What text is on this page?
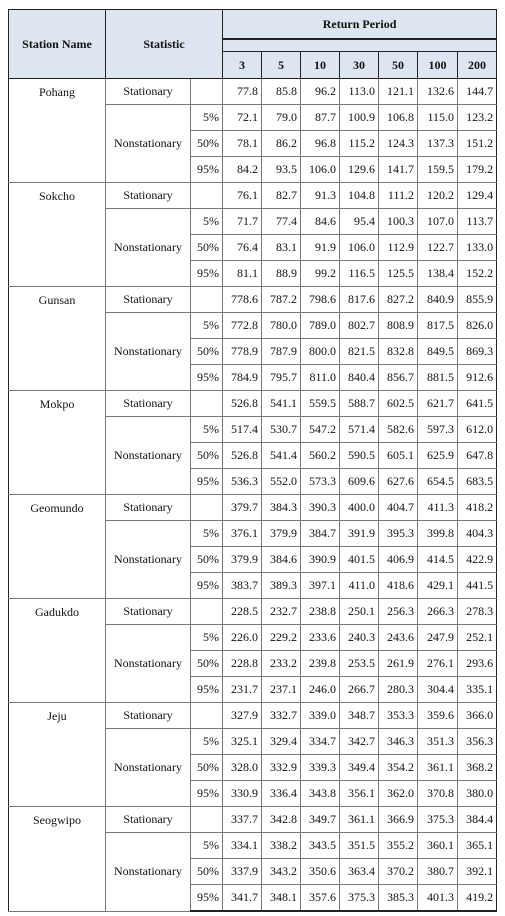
Station Name	Statistic		Return Period						

			3	5	10	30	50	100	200
Pohang	Stationary		77.8	85.8	96.2	113.0	121.1	132.6	144.7
	Nonstationary	5%	72.1	79.0	87.7	100.9	106.8	115.0	123.2
		50%	78.1	86.2	96.8	115.2	124.3	137.3	151.2
		95%	84.2	93.5	106.0	129.6	141.7	159.5	179.2
Sokcho	Stationary		76.1	82.7	91.3	104.8	111.2	120.2	129.4
	Nonstationary	5%	71.7	77.4	84.6	95.4	100.3	107.0	113.7
		50%	76.4	83.1	91.9	106.0	112.9	122.7	133.0
		95%	81.1	88.9	99.2	116.5	125.5	138.4	152.2
Gunsan	Stationary		778.6	787.2	798.6	817.6	827.2	840.9	855.9
	Nonstationary	5%	772.8	780.0	789.0	802.7	808.9	817.5	826.0
		50%	778.9	787.9	800.0	821.5	832.8	849.5	869.3
		95%	784.9	795.7	811.0	840.4	856.7	881.5	912.6
Mokpo	Stationary		526.8	541.1	559.5	588.7	602.5	621.7	641.5
	Nonstationary	5%	517.4	530.7	547.2	571.4	582.6	597.3	612.0
		50%	526.8	541.4	560.2	590.5	605.1	625.9	647.8
		95%	536.3	552.0	573.3	609.6	627.6	654.5	683.5
Geomundo	Stationary		379.7	384.3	390.3	400.0	404.7	411.3	418.2
	Nonstationary	5%	376.1	379.9	384.7	391.9	395.3	399.8	404.3
		50%	379.9	384.6	390.9	401.5	406.9	414.5	422.9
		95%	383.7	389.3	397.1	411.0	418.6	429.1	441.5
Gadukdo	Stationary		228.5	232.7	238.8	250.1	256.3	266.3	278.3
	Nonstationary	5%	226.0	229.2	233.6	240.3	243.6	247.9	252.1
		50%	228.8	233.2	239.8	253.5	261.9	276.1	293.6
		95%	231.7	237.1	246.0	266.7	280.3	304.4	335.1
Jeju	Stationary		327.9	332.7	339.0	348.7	353.3	359.6	366.0
	Nonstationary	5%	325.1	329.4	334.7	342.7	346.3	351.3	356.3
		50%	328.0	332.9	339.3	349.4	354.2	361.1	368.2
		95%	330.9	336.4	343.8	356.1	362.0	370.8	380.0
Seogwipo	Stationary		337.7	342.8	349.7	361.1	366.9	375.3	384.4
	Nonstationary	5%	334.1	338.2	343.5	351.5	355.2	360.1	365.1
		50%	337.9	343.2	350.6	363.4	370.2	380.7	392.1
		95%	341.7	348.1	357.6	375.3	385.3	401.3	419.2
